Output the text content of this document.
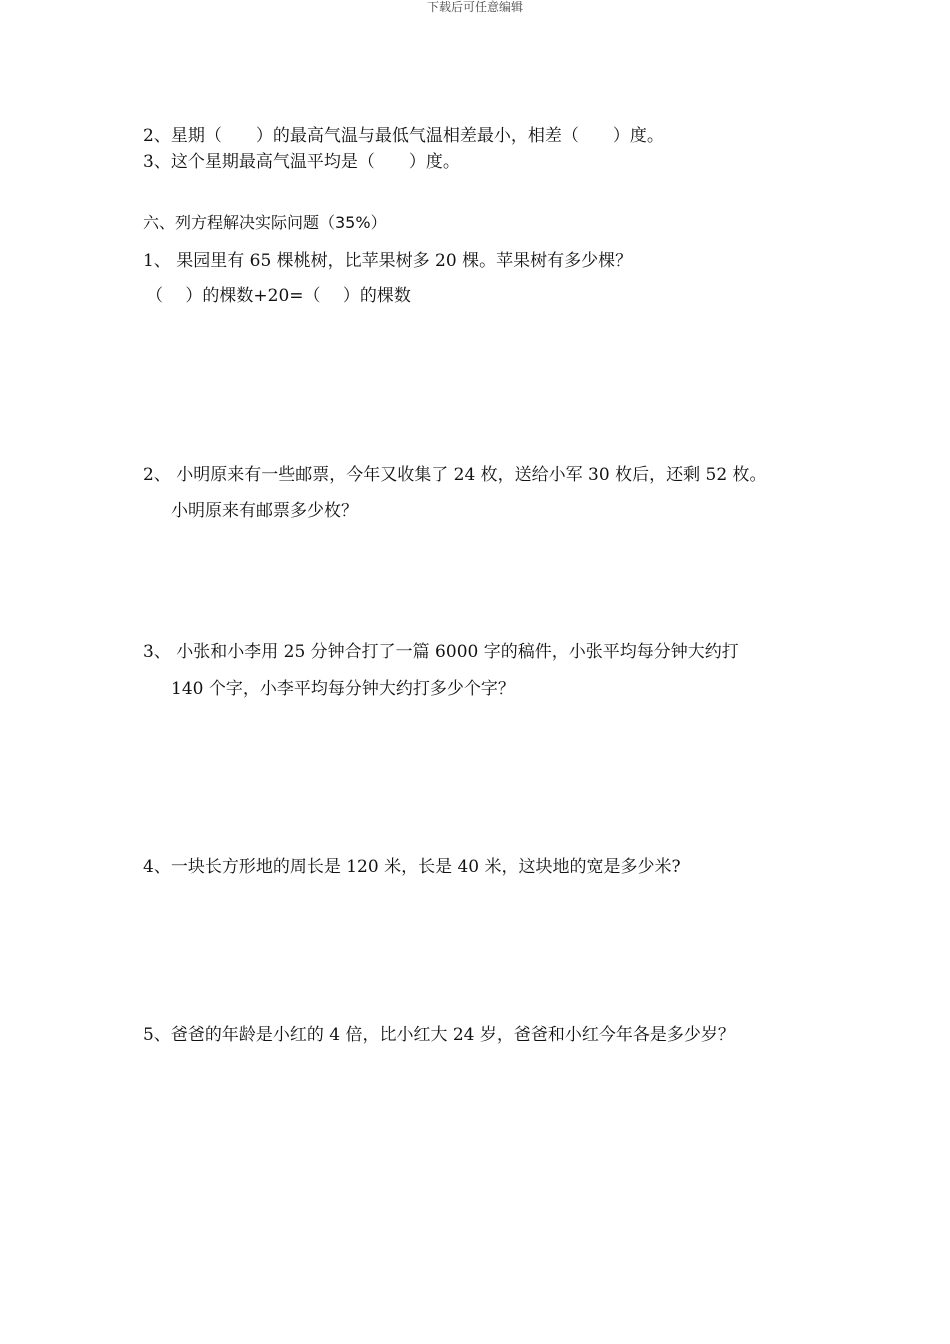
下载后可任意编辑
2、星期（　　）的最高气温与最低气温相差最小，相差（　　）度。
3、这个星期最高气温平均是（　　）度。
六、列方程解决实际问题（35%）
1、 果园里有 65 棵桃树，比苹果树多 20 棵。苹果树有多少棵？
（　 ）的棵数+20=（　 ）的棵数
2、 小明原来有一些邮票，今年又收集了 24 枚，送给小军 30 枚后，还剩 52 枚。
小明原来有邮票多少枚？
3、 小张和小李用 25 分钟合打了一篇 6000 字的稿件，小张平均每分钟大约打
140 个字，小李平均每分钟大约打多少个字？
4、一块长方形地的周长是 120 米，长是 40 米，这块地的宽是多少米?
5、爸爸的年龄是小红的 4 倍，比小红大 24 岁，爸爸和小红今年各是多少岁？
